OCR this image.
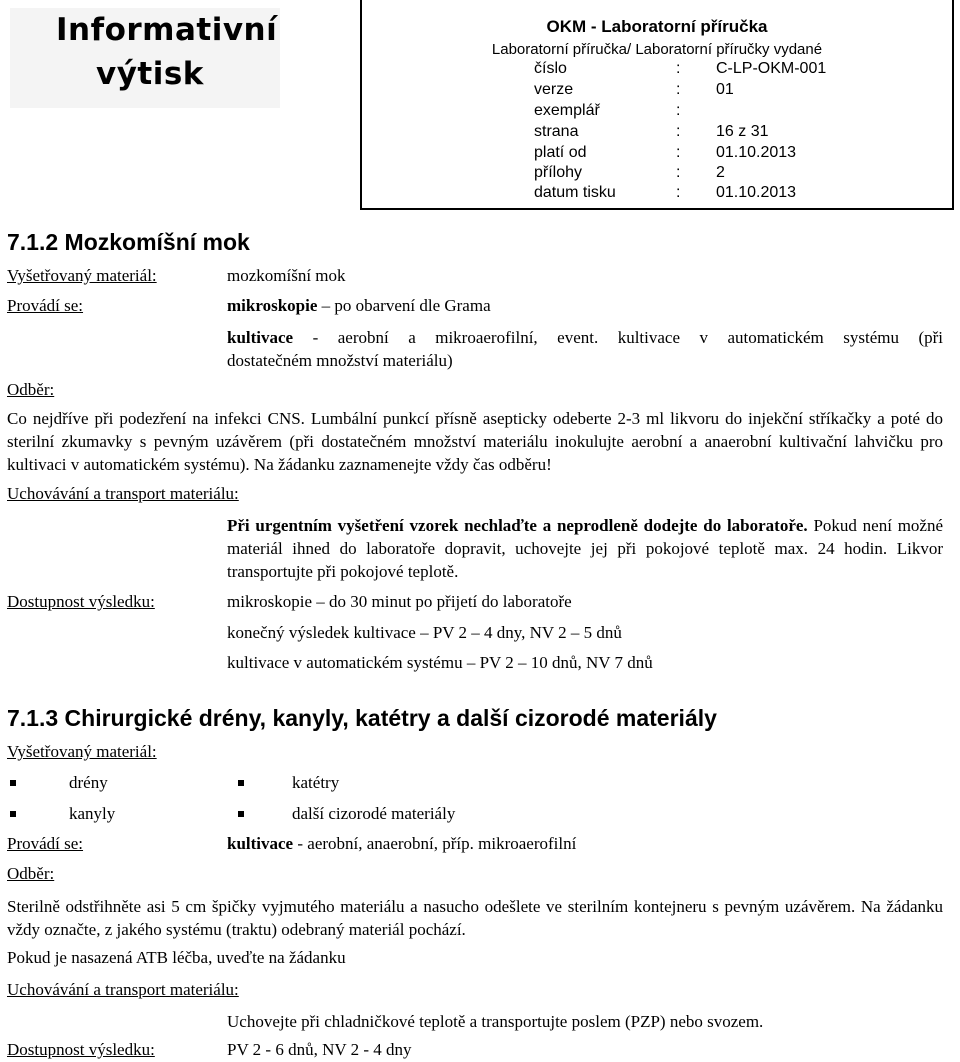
Informativní
výtisk
OKM - Laboratorní příručka
Laboratorní příručka/ Laboratorní příručky vydané
číslo	: C-LP-OKM-001
verze	: 01
exemplář	:
strana	: 16 z 31
platí od	: 01.10.2013
přílohy	: 2
datum tisku	: 01.10.2013
7.1.2 Mozkomíšní mok
Vyšetřovaný materiál:	mozkomíšní mok
Provádí se:	mikroskopie – po obarvení dle Grama
kultivace - aerobní a mikroaerofilní, event. kultivace v automatickém systému (při
dostatečném množství materiálu)
Odběr:
Co nejdříve při podezření na infekci CNS. Lumbální punkcí přísně asepticky odeberte 2-3 ml likvoru do injekční stříkačky a poté do sterilní zkumavky s pevným uzávěrem (při dostatečném množství materiálu inokulujte aerobní a anaerobní kultivační lahvičku pro kultivaci v automatickém systému). Na žádanku zaznamenejte vždy čas odběru!
Uchovávání a transport materiálu:
Při urgentním vyšetření vzorek nechlaďte a neprodleně dodejte do laboratoře. Pokud není možné materiál ihned do laboratoře dopravit, uchovejte jej při pokojové teplotě max. 24 hodin. Likvor transportujte při pokojové teplotě.
Dostupnost výsledku:	mikroskopie – do 30 minut po přijetí do laboratoře
konečný výsledek kultivace – PV 2 – 4 dny, NV 2 – 5 dnů
kultivace v automatickém systému – PV 2 – 10 dnů, NV 7 dnů
7.1.3 Chirurgické drény, kanyly, katétry a další cizorodé materiály
Vyšetřovaný materiál:
drény	katétry
kanyly	další cizorodé materiály
Provádí se:	kultivace - aerobní, anaerobní, příp. mikroaerofilní
Odběr:
Sterilně odstřihněte asi 5 cm špičky vyjmutého materiálu a nasucho odešlete ve sterilním kontejneru s pevným uzávěrem. Na žádanku vždy označte, z jakého systému (traktu) odebraný materiál pochází.
Pokud je nasazená ATB léčba, uveďte na žádanku
Uchovávání a transport materiálu:
Uchovejte při chladničkové teplotě a transportujte poslem (PZP) nebo svozem.
Dostupnost výsledku:	PV 2 - 6 dnů, NV 2 - 4 dny
